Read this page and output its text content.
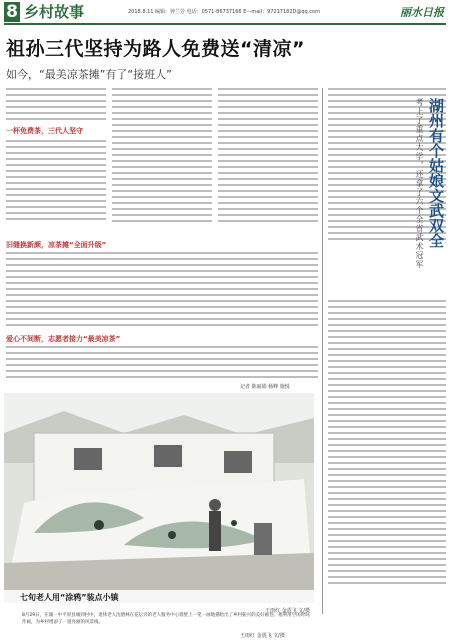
8 乡村故事	2018.8.11 编辑：钟兰芳 电话：0571-86737166 E—mail：97217182D@qq.com	丽水日报
祖孙三代坚持为路人免费送“清凉”
如今，“最美凉茶摊”有了“接班人”
一杯免费茶，三代人坚守
旧缝换新颜，凉茶摊“全面升级”
爱心不间断，志愿者接力“最美凉茶”
记者 陈丽娟 杨峰 施悦
湖州有个姑娘文武双全
考上了重点大学，还拿了六个全省武术冠军
七旬老人用“涂鸦”装点小镇
王雨红 金震飞 文/摄
8月29日，在湖一中平原县城到村中，退休老人沈德林在花坛旁的老人服务中心墙壁上一笔一画地描绘出了乡村振兴的美好画卷。他利用空闲时间作画，为乡村增添了一道亮丽的风景线。
王雨红 金震飞 文/摄
